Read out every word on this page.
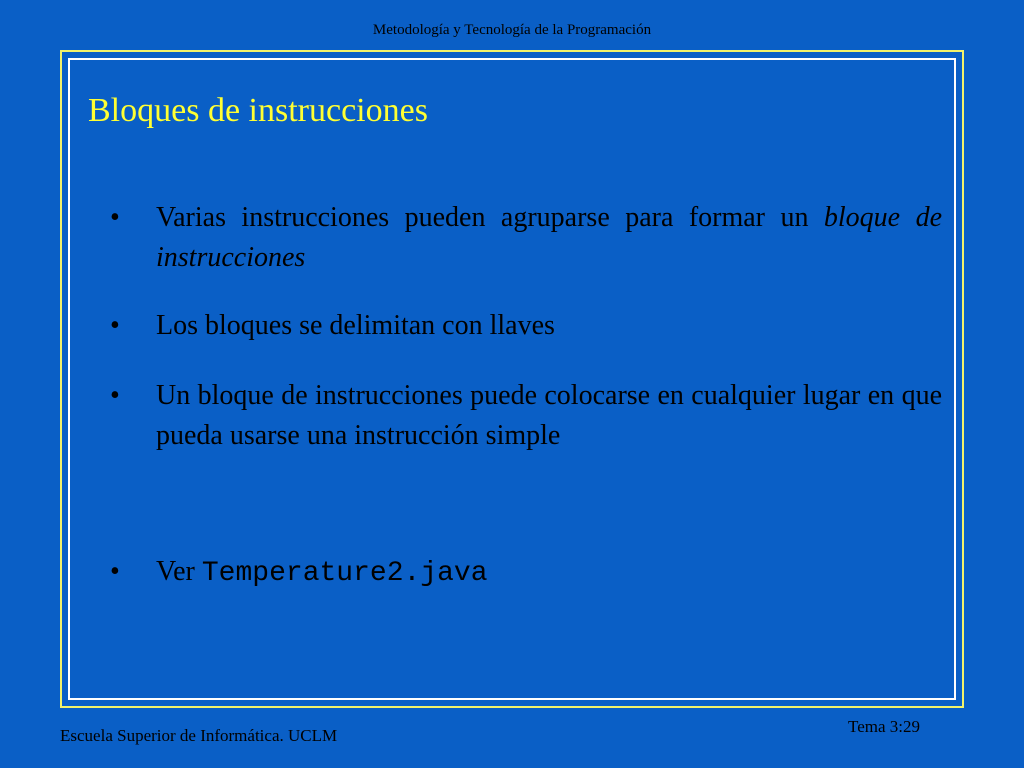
Metodología y Tecnología de la Programación
Bloques de instrucciones
•	Varias instrucciones pueden agruparse para formar un bloque de instrucciones
•	Los bloques se delimitan con llaves
•	Un bloque de instrucciones puede colocarse en cualquier lugar en que pueda usarse una instrucción simple
•	Ver Temperature2.java
Escuela Superior de Informática. UCLM	Tema 3:29
